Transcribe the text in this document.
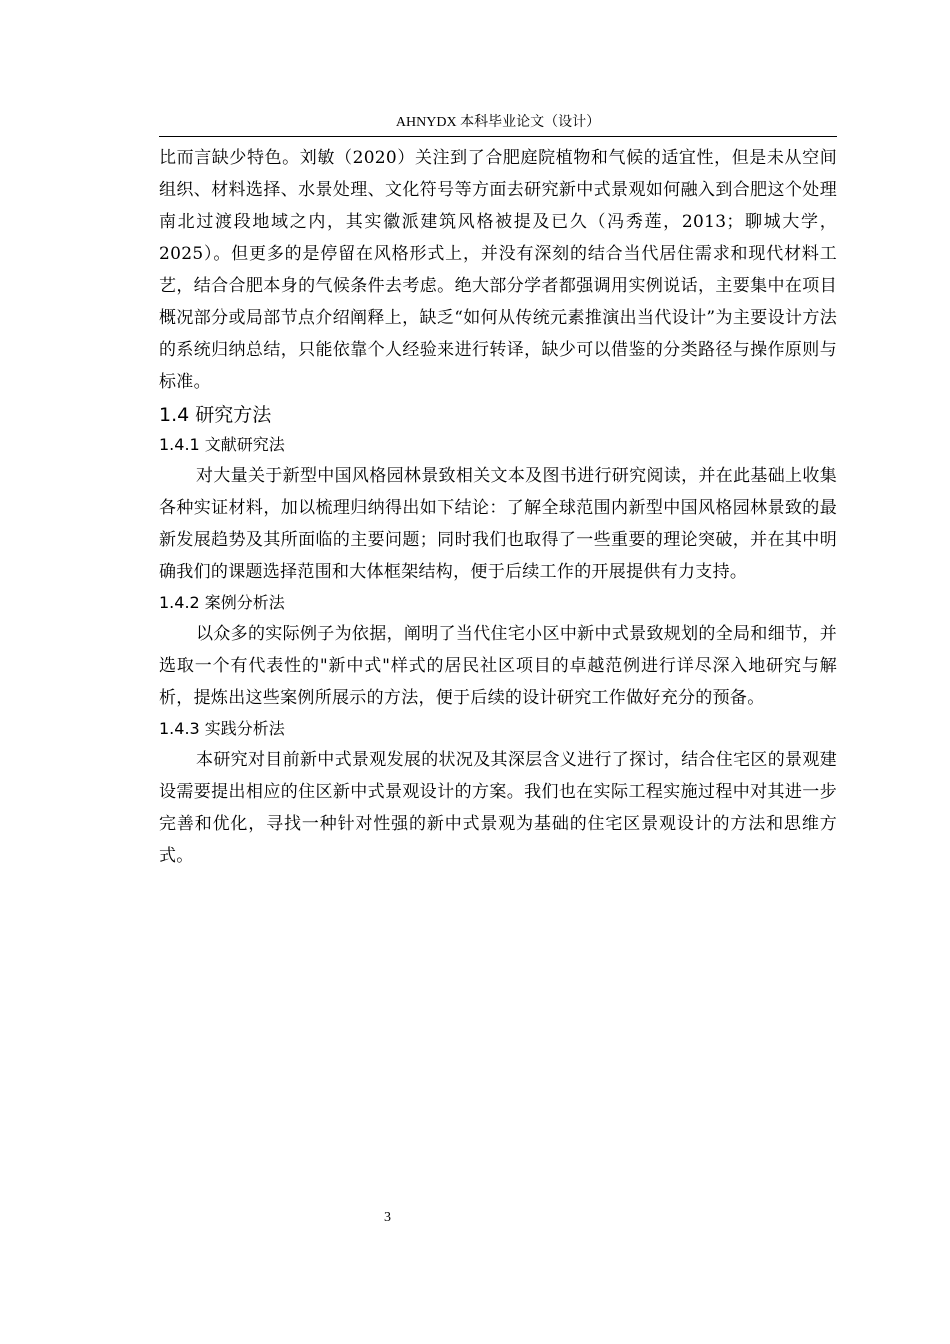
AHNYDX 本科毕业论文（设计）

比而言缺少特色。刘敏（2020）关注到了合肥庭院植物和气候的适宜性，但是未从空间组织、材料选择、水景处理、文化符号等方面去研究新中式景观如何融入到合肥这个处理南北过渡段地域之内，其实徽派建筑风格被提及已久（冯秀莲，2013；聊城大学，2025）。但更多的是停留在风格形式上，并没有深刻的结合当代居住需求和现代材料工艺，结合合肥本身的气候条件去考虑。绝大部分学者都强调用实例说话，主要集中在项目概况部分或局部节点介绍阐释上，缺乏“如何从传统元素推演出当代设计”为主要设计方法的系统归纳总结，只能依靠个人经验来进行转译，缺少可以借鉴的分类路径与操作原则与标准。

1.4 研究方法
1.4.1 文献研究法

对大量关于新型中国风格园林景致相关文本及图书进行研究阅读，并在此基础上收集各种实证材料，加以梳理归纳得出如下结论：了解全球范围内新型中国风格园林景致的最新发展趋势及其所面临的主要问题；同时我们也取得了一些重要的理论突破，并在其中明确我们的课题选择范围和大体框架结构，便于后续工作的开展提供有力支持。

1.4.2 案例分析法

以众多的实际例子为依据，阐明了当代住宅小区中新中式景致规划的全局和细节，并选取一个有代表性的"新中式"样式的居民社区项目的卓越范例进行详尽深入地研究与解析，提炼出这些案例所展示的方法，便于后续的设计研究工作做好充分的预备。

1.4.3 实践分析法

本研究对目前新中式景观发展的状况及其深层含义进行了探讨，结合住宅区的景观建设需要提出相应的住区新中式景观设计的方案。我们也在实际工程实施过程中对其进一步完善和优化，寻找一种针对性强的新中式景观为基础的住宅区景观设计的方法和思维方式。

3
